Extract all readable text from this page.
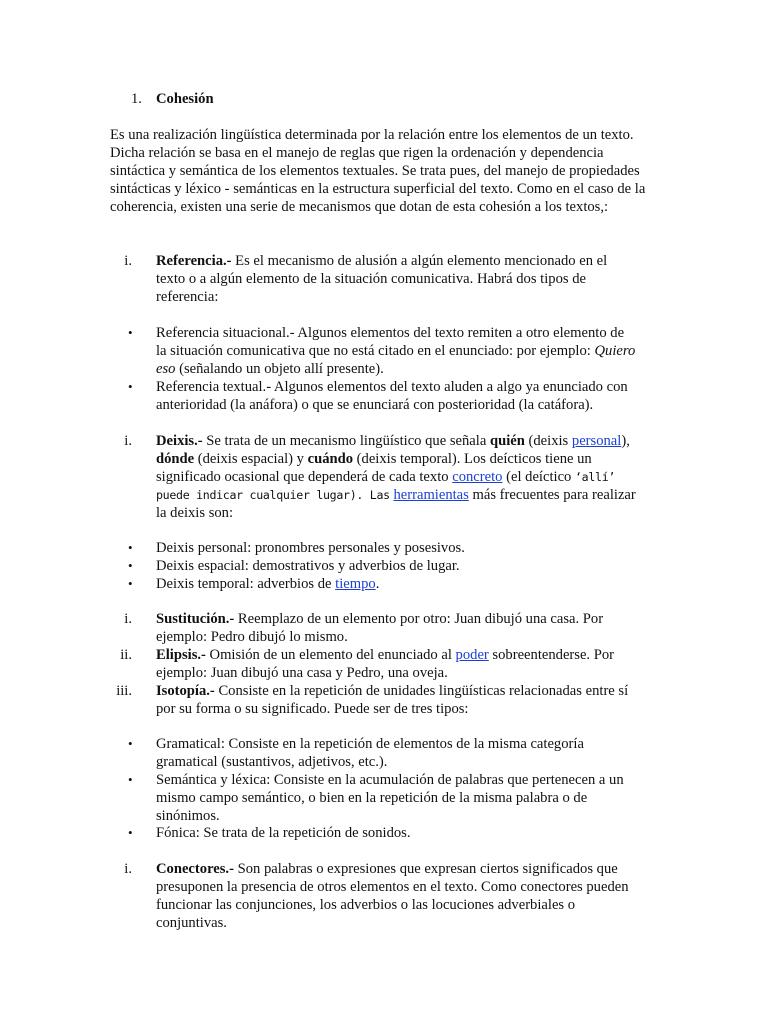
1. Cohesión
Es una realización lingüística determinada por la relación entre los elementos de un texto. Dicha relación se basa en el manejo de reglas que rigen la ordenación y dependencia sintáctica y semántica de los elementos textuales. Se trata pues, del manejo de propiedades sintácticas y léxico - semánticas en la estructura superficial del texto. Como en el caso de la coherencia, existen una serie de mecanismos que dotan de esta cohesión a los textos,:
i. Referencia.- Es el mecanismo de alusión a algún elemento mencionado en el texto o a algún elemento de la situación comunicativa. Habrá dos tipos de referencia:
• Referencia situacional.- Algunos elementos del texto remiten a otro elemento de la situación comunicativa que no está citado en el enunciado: por ejemplo: Quiero eso (señalando un objeto allí presente).
• Referencia textual.- Algunos elementos del texto aluden a algo ya enunciado con anterioridad (la anáfora) o que se enunciará con posterioridad (la catáfora).
i. Deixis.- Se trata de un mecanismo lingüístico que señala quién (deixis personal), dónde (deixis espacial) y cuándo (deixis temporal). Los deícticos tiene un significado ocasional que dependerá de cada texto concreto (el deíctico ‘allí’ puede indicar cualquier lugar). Las herramientas más frecuentes para realizar la deixis son:
• Deixis personal: pronombres personales y posesivos.
• Deixis espacial: demostrativos y adverbios de lugar.
• Deixis temporal: adverbios de tiempo.
i. Sustitución.- Reemplazo de un elemento por otro: Juan dibujó una casa. Por ejemplo: Pedro dibujó lo mismo.
ii. Elipsis.- Omisión de un elemento del enunciado al poder sobreentenderse. Por ejemplo: Juan dibujó una casa y Pedro, una oveja.
iii. Isotopía.- Consiste en la repetición de unidades lingüísticas relacionadas entre sí por su forma o su significado. Puede ser de tres tipos:
• Gramatical: Consiste en la repetición de elementos de la misma categoría gramatical (sustantivos, adjetivos, etc.).
• Semántica y léxica: Consiste en la acumulación de palabras que pertenecen a un mismo campo semántico, o bien en la repetición de la misma palabra o de sinónimos.
• Fónica: Se trata de la repetición de sonidos.
i. Conectores.- Son palabras o expresiones que expresan ciertos significados que presuponen la presencia de otros elementos en el texto. Como conectores pueden funcionar las conjunciones, los adverbios o las locuciones adverbiales o conjuntivas.
